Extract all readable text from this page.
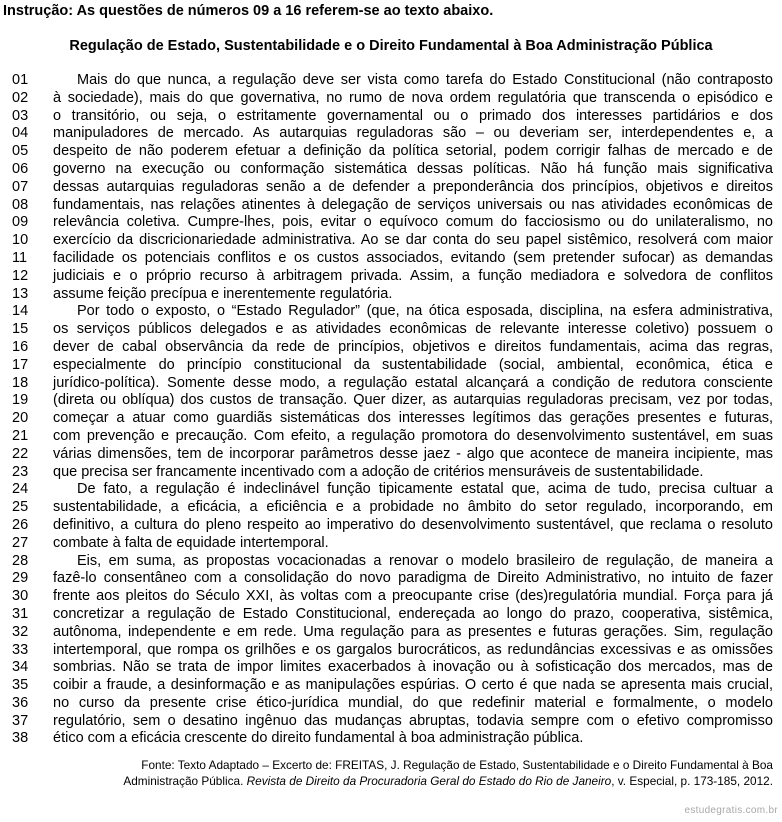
Instrução: As questões de números 09 a 16 referem-se ao texto abaixo.
Regulação de Estado, Sustentabilidade e o Direito Fundamental à Boa Administração Pública
01
02
03
04
05
06
07
08
09
10
11
12
13
14
15
16
17
18
19
20
21
22
23
24
25
26
27
28
29
30
31
32
33
34
35
36
37
38
Mais do que nunca, a regulação deve ser vista como tarefa do Estado Constitucional (não contraposto
à sociedade), mais do que governativa, no rumo de nova ordem regulatória que transcenda o episódico e
o transitório, ou seja, o estritamente governamental ou o primado dos interesses partidários e dos
manipuladores de mercado. As autarquias reguladoras são – ou deveriam ser, interdependentes e, a
despeito de não poderem efetuar a definição da política setorial, podem corrigir falhas de mercado e de
governo na execução ou conformação sistemática dessas políticas. Não há função mais significativa
dessas autarquias reguladoras senão a de defender a preponderância dos princípios, objetivos e direitos
fundamentais, nas relações atinentes à delegação de serviços universais ou nas atividades econômicas de
relevância coletiva. Cumpre-lhes, pois, evitar o equívoco comum do facciosismo ou do unilateralismo, no
exercício da discricionariedade administrativa. Ao se dar conta do seu papel sistêmico, resolverá com maior
facilidade os potenciais conflitos e os custos associados, evitando (sem pretender sufocar) as demandas
judiciais e o próprio recurso à arbitragem privada. Assim, a função mediadora e solvedora de conflitos
assume feição precípua e inerentemente regulatória.
Por todo o exposto, o “Estado Regulador” (que, na ótica esposada, disciplina, na esfera administrativa,
os serviços públicos delegados e as atividades econômicas de relevante interesse coletivo) possuem o
dever de cabal observância da rede de princípios, objetivos e direitos fundamentais, acima das regras,
especialmente do princípio constitucional da sustentabilidade (social, ambiental, econômica, ética e
jurídico-política). Somente desse modo, a regulação estatal alcançará a condição de redutora consciente
(direta ou oblíqua) dos custos de transação. Quer dizer, as autarquias reguladoras precisam, vez por todas,
começar a atuar como guardiãs sistemáticas dos interesses legítimos das gerações presentes e futuras,
com prevenção e precaução. Com efeito, a regulação promotora do desenvolvimento sustentável, em suas
várias dimensões, tem de incorporar parâmetros desse jaez - algo que acontece de maneira incipiente, mas
que precisa ser francamente incentivado com a adoção de critérios mensuráveis de sustentabilidade.
De fato, a regulação é indeclinável função tipicamente estatal que, acima de tudo, precisa cultuar a
sustentabilidade, a eficácia, a eficiência e a probidade no âmbito do setor regulado, incorporando, em
definitivo, a cultura do pleno respeito ao imperativo do desenvolvimento sustentável, que reclama o resoluto
combate à falta de equidade intertemporal.
Eis, em suma, as propostas vocacionadas a renovar o modelo brasileiro de regulação, de maneira a
fazê-lo consentâneo com a consolidação do novo paradigma de Direito Administrativo, no intuito de fazer
frente aos pleitos do Século XXI, às voltas com a preocupante crise (des)regulatória mundial. Força para já
concretizar a regulação de Estado Constitucional, endereçada ao longo do prazo, cooperativa, sistêmica,
autônoma, independente e em rede. Uma regulação para as presentes e futuras gerações. Sim, regulação
intertemporal, que rompa os grilhões e os gargalos burocráticos, as redundâncias excessivas e as omissões
sombrias. Não se trata de impor limites exacerbados à inovação ou à sofisticação dos mercados, mas de
coibir a fraude, a desinformação e as manipulações espúrias. O certo é que nada se apresenta mais crucial,
no curso da presente crise ético-jurídica mundial, do que redefinir material e formalmente, o modelo
regulatório, sem o desatino ingênuo das mudanças abruptas, todavia sempre com o efetivo compromisso
ético com a eficácia crescente do direito fundamental à boa administração pública.
Fonte: Texto Adaptado – Excerto de: FREITAS, J. Regulação de Estado, Sustentabilidade e o Direito Fundamental à Boa
Administração Pública. Revista de Direito da Procuradoria Geral do Estado do Rio de Janeiro, v. Especial, p. 173-185, 2012.
estudegratis.com.br
